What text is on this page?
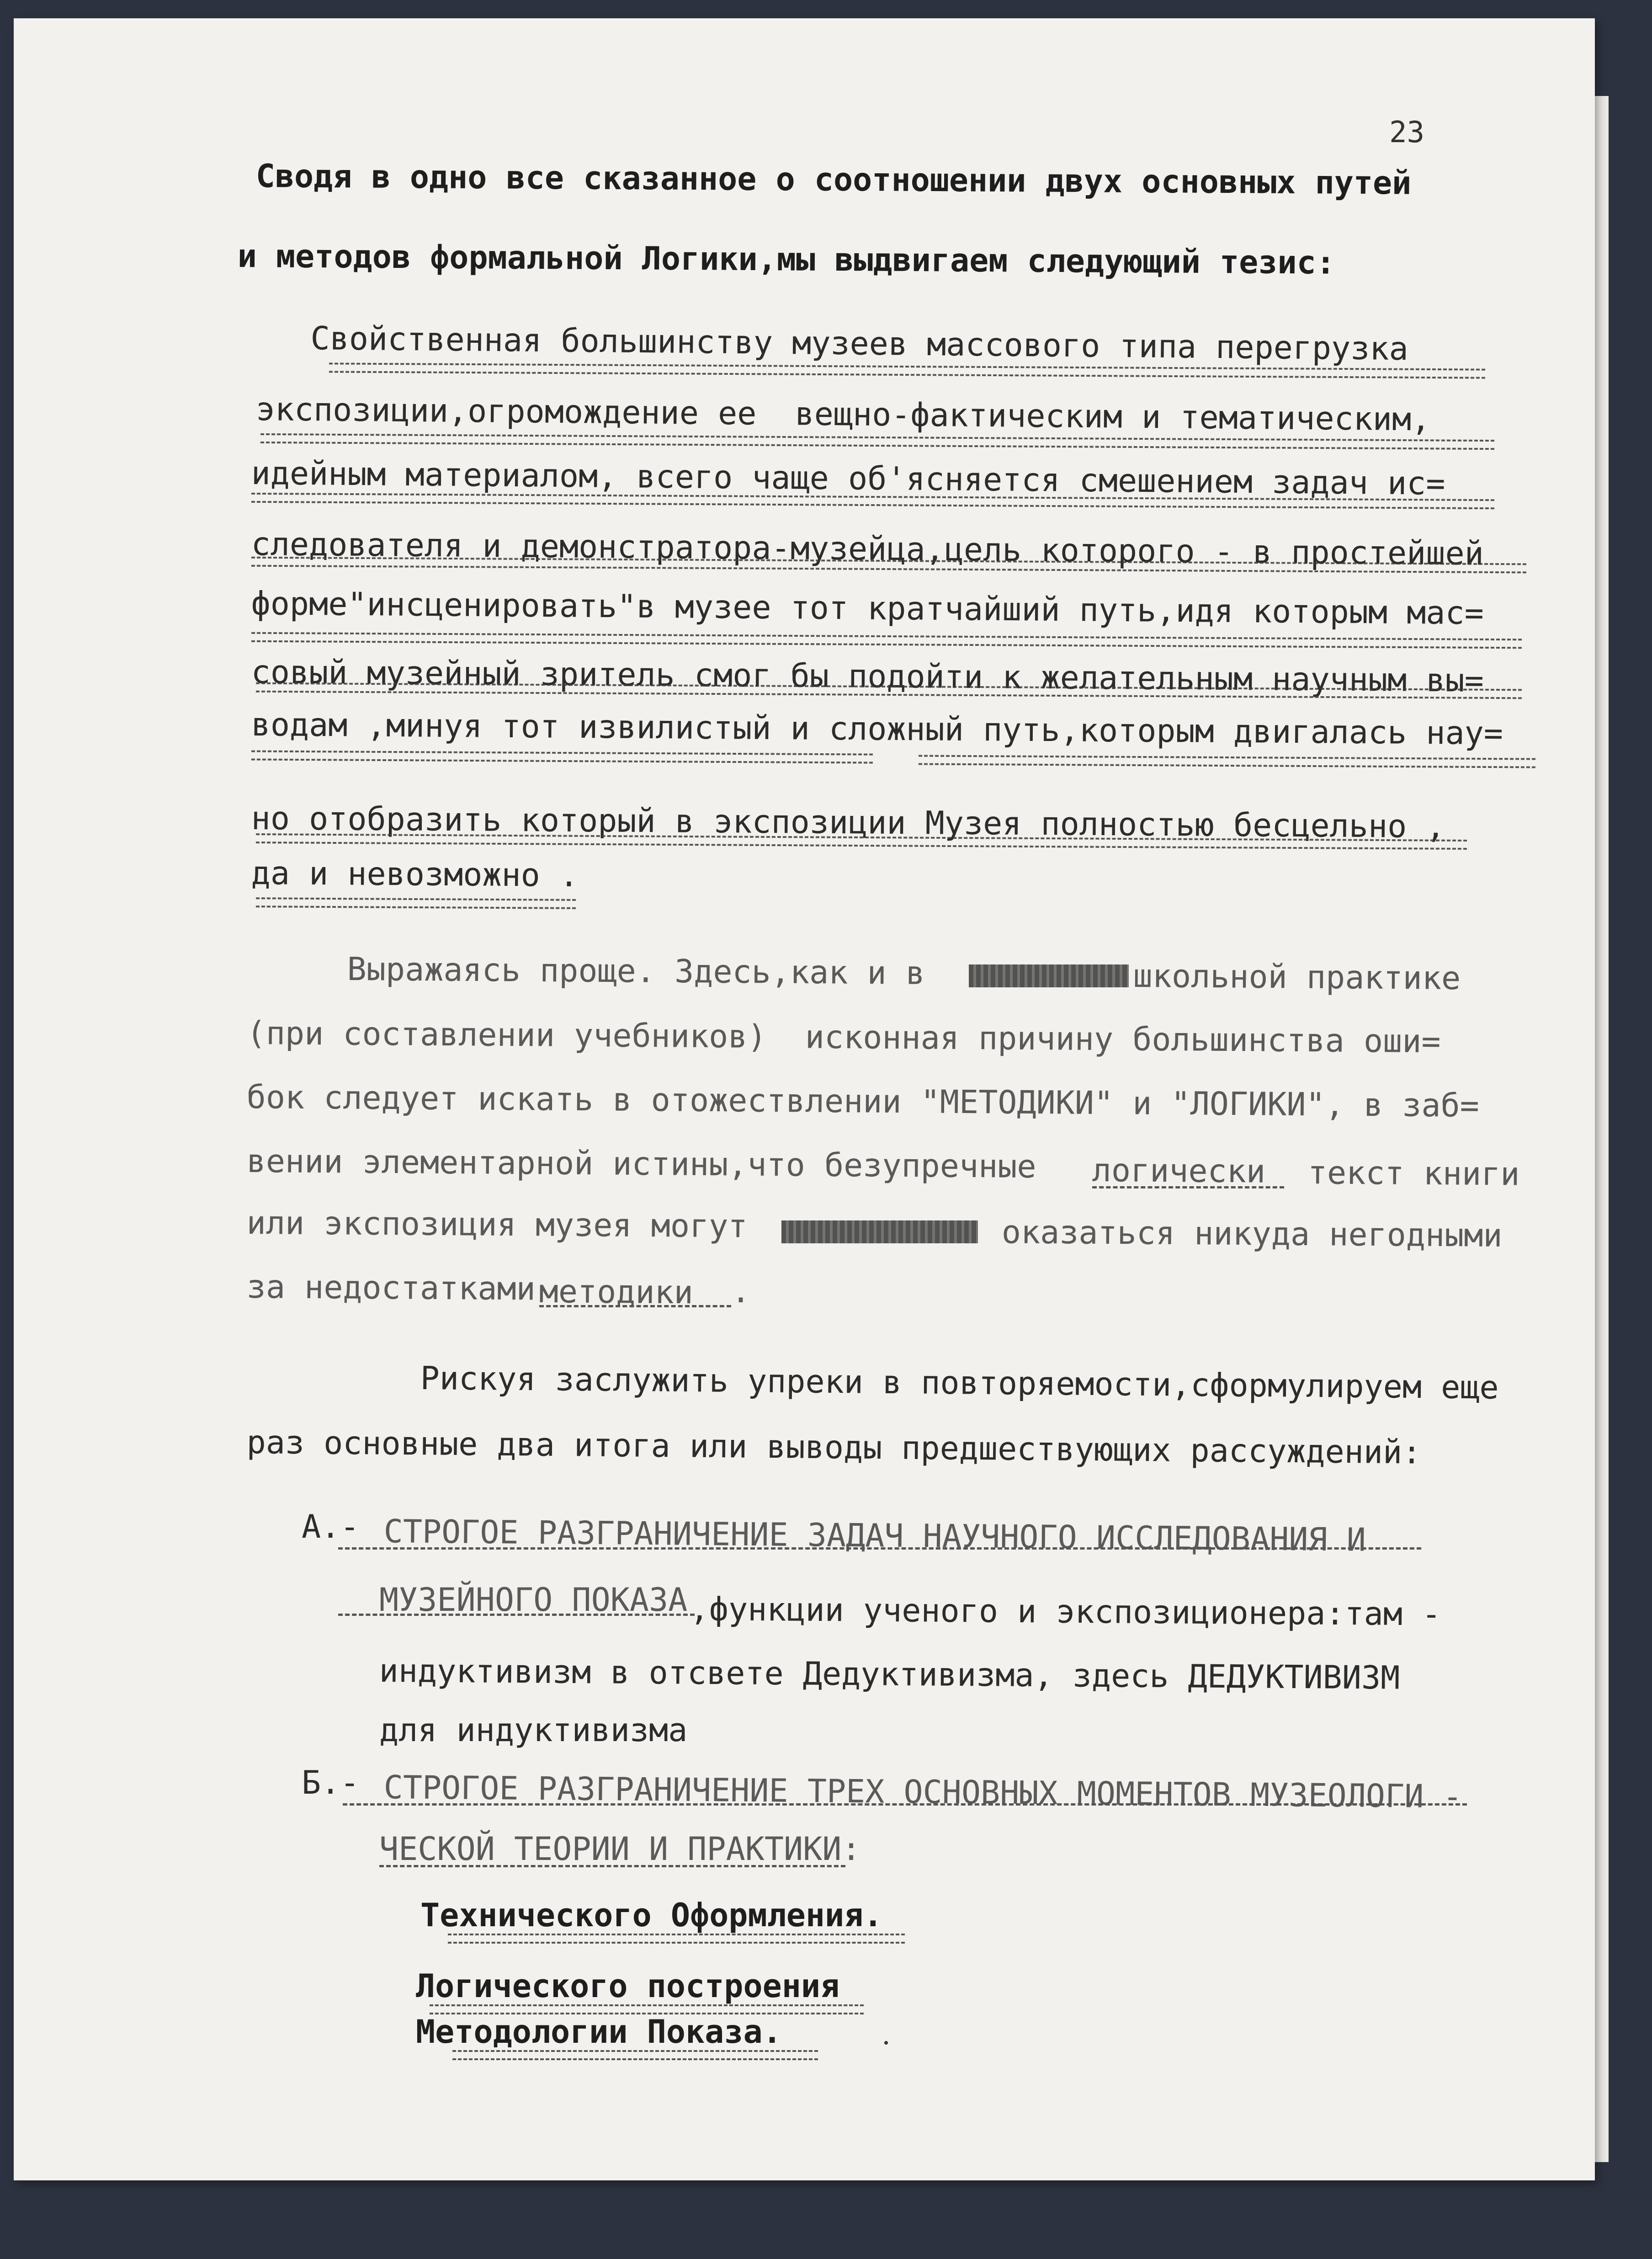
23
Сводя в одно все сказанное о соотношении двух основных путей
и методов формальной Логики,мы выдвигаем следующий тезис:
Свойственная большинству музеев массового типа перегрузка
экспозиции,огромождение ее  вещно-фактическим и тематическим,
идейным материалом, всего чаще об'ясняется смешением задач ис=
следователя и демонстратора-музейца,цель которого - в простейшей
форме"инсценировать"в музее тот кратчайший путь,идя которым мас=
совый музейный зритель смог бы подойти к желательным научным вы=
водам ,минуя тот извилистый и сложный путь,которым двигалась нау=
но отобразить который в экспозиции Музея полностью бесцельно ,
да и невозможно .
Выражаясь проще. Здесь,как и в	школьной практике
(при составлении учебников)  исконная причину большинства оши=
бок следует искать в отожествлении "МЕТОДИКИ" и "ЛОГИКИ", в заб=
вении элементарной истины,что безупречные логически текст книги
или экспозиция музея могут	оказаться никуда негодными
за недостатками
методики .
Рискуя заслужить упреки в повторяемости,сформулируем еще
раз основные два итога или выводы предшествующих рассуждений:
А.- СТРОГОЕ РАЗГРАНИЧЕНИЕ ЗАДАЧ НАУЧНОГО ИССЛЕДОВАНИЯ И
МУЗЕЙНОГО ПОКАЗА ,функции ученого и экспозиционера:там -
индуктивизм в отсвете Дедуктивизма, здесь ДЕДУКТИВИЗМ
для индуктивизма
Б.- СТРОГОЕ РАЗГРАНИЧЕНИЕ ТРЕХ ОСНОВНЫХ МОМЕНТОВ МУЗЕОЛОГИ -
ЧЕСКОЙ ТЕОРИИ И ПРАКТИКИ:
Технического Оформления.
Логического построения
Методологии Показа.
